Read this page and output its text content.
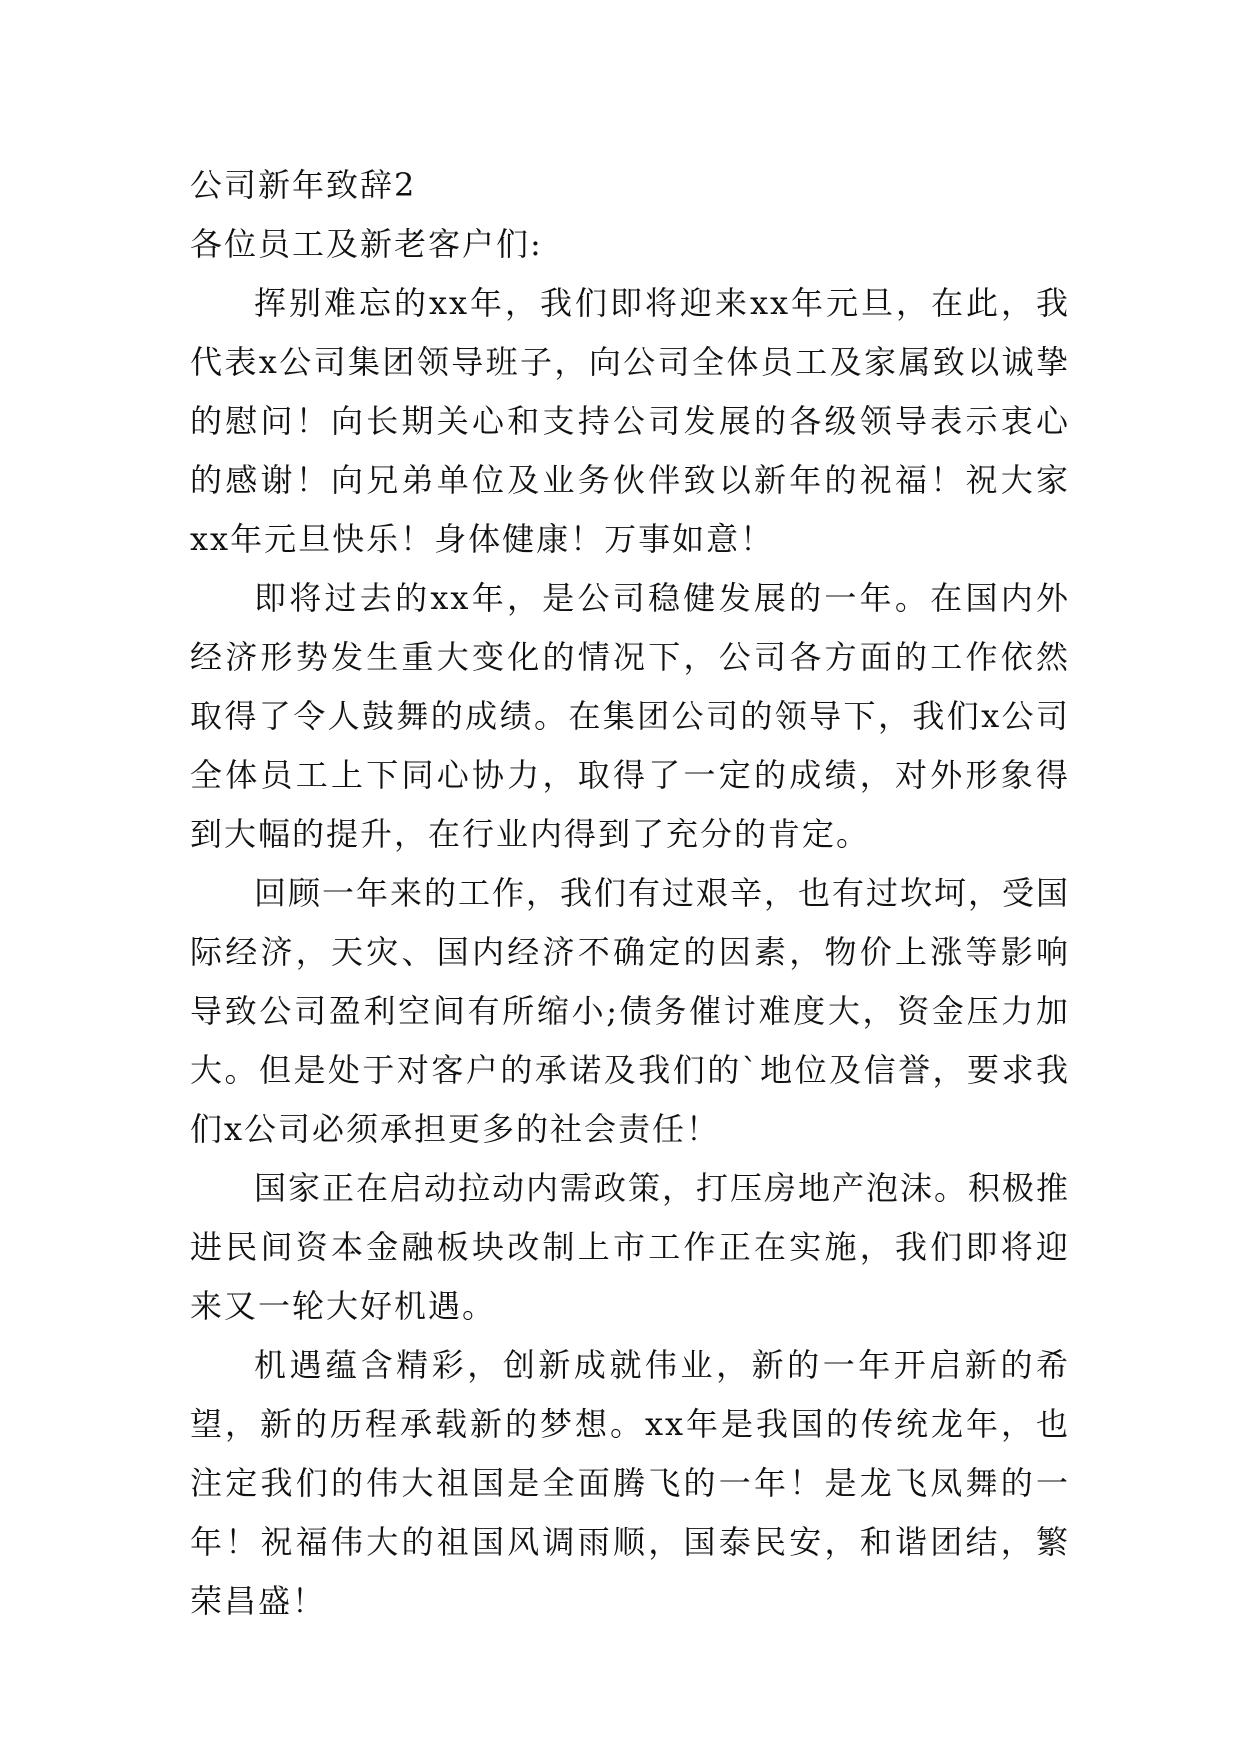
公司新年致辞2
各位员工及新老客户们:

挥别难忘的xx年，我们即将迎来xx年元旦，在此，我代表x公司集团领导班子，向公司全体员工及家属致以诚挚的慰问！向长期关心和支持公司发展的各级领导表示衷心的感谢！向兄弟单位及业务伙伴致以新年的祝福！祝大家xx年元旦快乐！身体健康！万事如意！

即将过去的xx年，是公司稳健发展的一年。在国内外经济形势发生重大变化的情况下，公司各方面的工作依然取得了令人鼓舞的成绩。在集团公司的领导下，我们x公司全体员工上下同心协力，取得了一定的成绩，对外形象得到大幅的提升，在行业内得到了充分的肯定。

回顾一年来的工作，我们有过艰辛，也有过坎坷，受国际经济，天灾、国内经济不确定的因素，物价上涨等影响导致公司盈利空间有所缩小;债务催讨难度大，资金压力加大。但是处于对客户的承诺及我们的`地位及信誉，要求我们x公司必须承担更多的社会责任！

国家正在启动拉动内需政策，打压房地产泡沫。积极推进民间资本金融板块改制上市工作正在实施，我们即将迎来又一轮大好机遇。

机遇蕴含精彩，创新成就伟业，新的一年开启新的希望，新的历程承载新的梦想。xx年是我国的传统龙年，也注定我们的伟大祖国是全面腾飞的一年！是龙飞凤舞的一年！祝福伟大的祖国风调雨顺，国泰民安，和谐团结，繁荣昌盛！
